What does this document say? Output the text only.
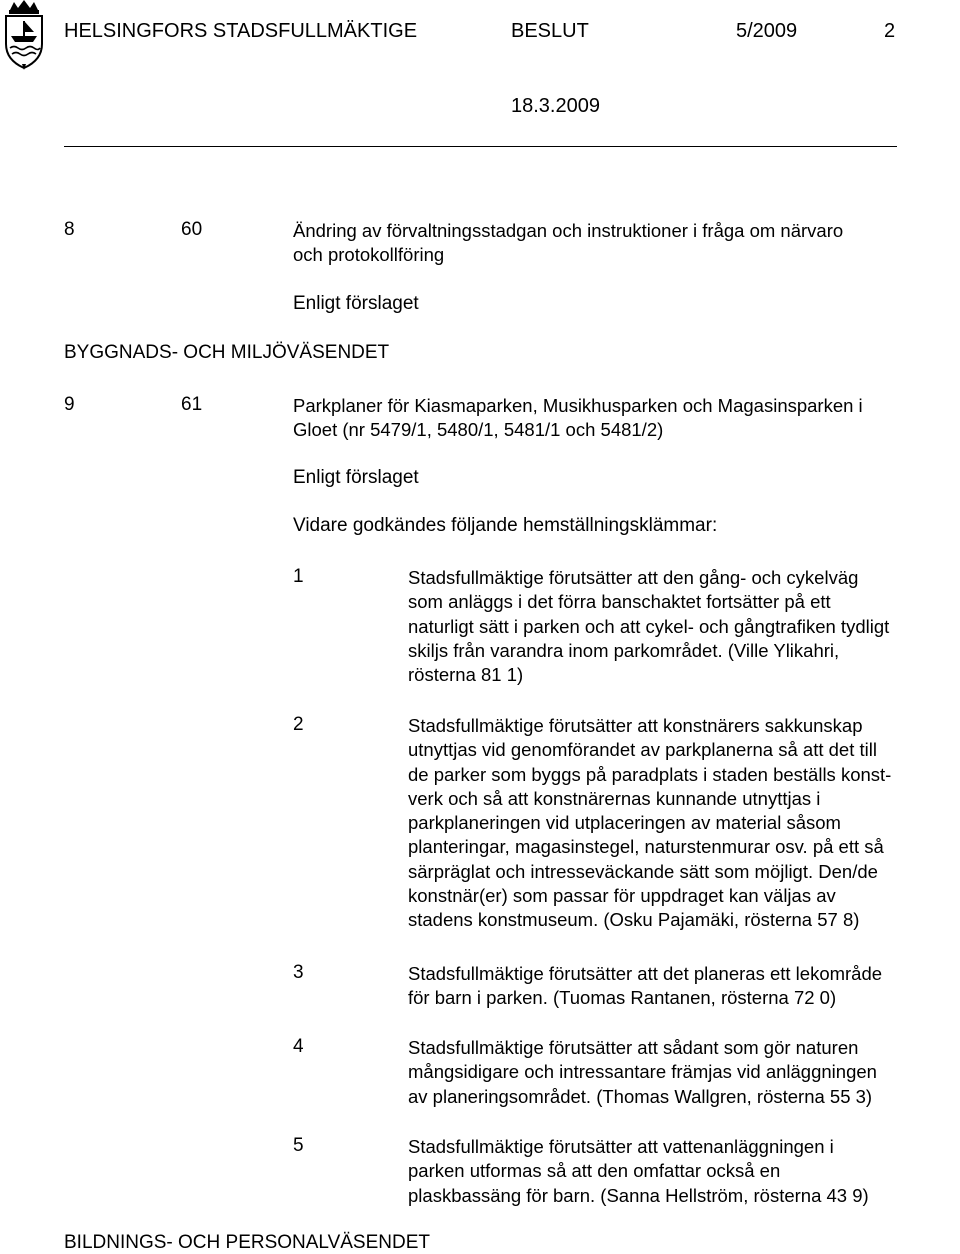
HELSINGFORS STADSFULLMÄKTIGE	BESLUT	5/2009	2
18.3.2009
8	60	Ändring av förvaltningsstadgan och instruktioner i fråga om närvaro
och protokollföring
Enligt förslaget
BYGGNADS- OCH MILJÖVÄSENDET
9	61	Parkplaner för Kiasmaparken, Musikhusparken och Magasinsparken i
Gloet (nr 5479/1, 5480/1, 5481/1 och 5481/2)
Enligt förslaget
Vidare godkändes följande hemställningsklämmar:
1	Stadsfullmäktige förutsätter att den gång- och cykelväg
som anläggs i det förra banschaktet fortsätter på ett
naturligt sätt i parken och att cykel- och gångtrafiken tydligt
skiljs från varandra inom parkområdet. (Ville Ylikahri,
rösterna 81 1)
2	Stadsfullmäktige förutsätter att konstnärers sakkunskap
utnyttjas vid genomförandet av parkplanerna så att det till
de parker som byggs på paradplats i staden beställs konst-
verk och så att konstnärernas kunnande utnyttjas i
parkplaneringen vid utplaceringen av material såsom
planteringar, magasinstegel, naturstenmurar osv. på ett så
särpräglat och intresseväckande sätt som möjligt. Den/de
konstnär(er) som passar för uppdraget kan väljas av
stadens konstmuseum. (Osku Pajamäki, rösterna 57 8)
3	Stadsfullmäktige förutsätter att det planeras ett lekområde
för barn i parken. (Tuomas Rantanen, rösterna 72 0)
4	Stadsfullmäktige förutsätter att sådant som gör naturen
mångsidigare och intressantare främjas vid anläggningen
av planeringsområdet. (Thomas Wallgren, rösterna 55 3)
5	Stadsfullmäktige förutsätter att vattenanläggningen i
parken utformas så att den omfattar också en
plaskbassäng för barn. (Sanna Hellström, rösterna 43 9)
BILDNINGS- OCH PERSONALVÄSENDET
